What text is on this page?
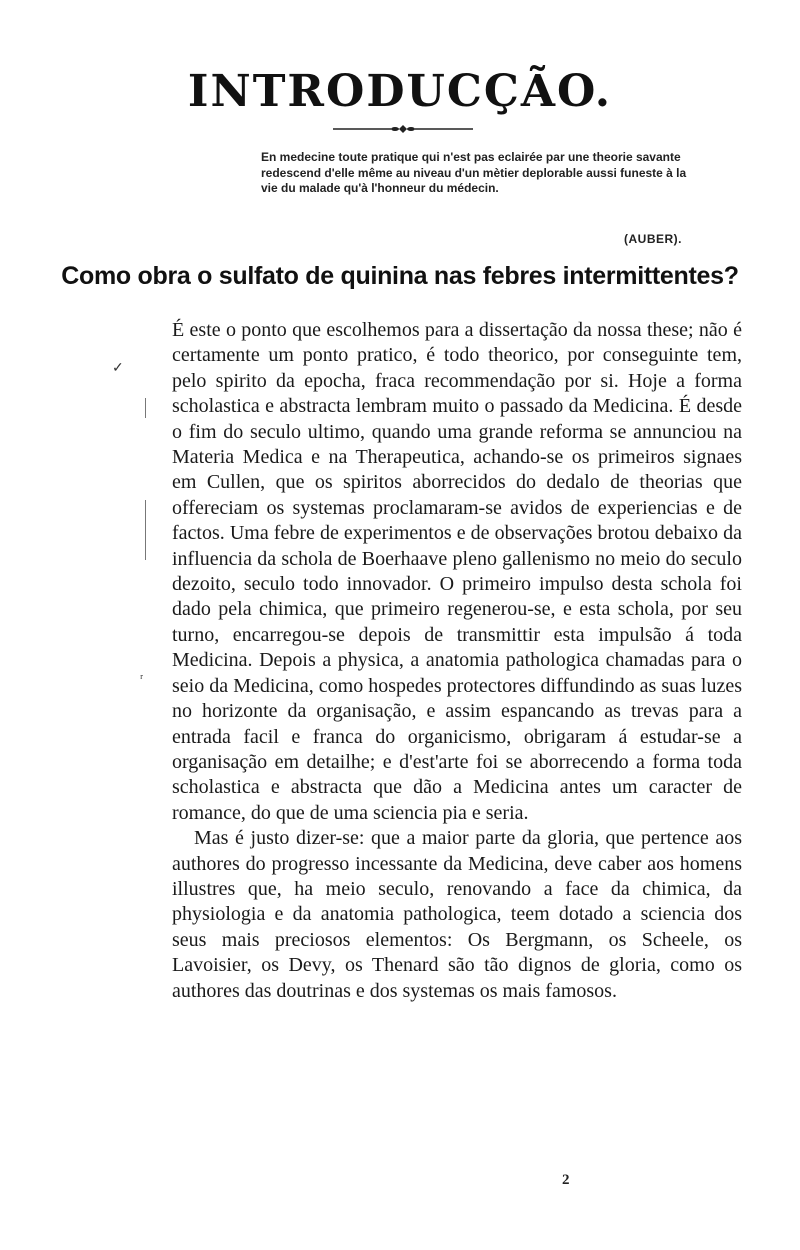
INTRODUCÇÃO.
En medecine toute pratique qui n'est pas eclairée par une theorie savante redescend d'elle même au niveau d'un mètier deplorable aussi funeste à la vie du malade qu'à l'honneur du médecin.
(AUBER).
Como obra o sulfato de quinina nas febres intermittentes?

É este o ponto que escolhemos para a dissertação da nossa these; não é certamente um ponto pratico, é todo theorico, por conseguinte tem, pelo spirito da epocha, fraca recommendação por si. Hoje a forma scholastica e abstracta lembram muito o passado da Medicina. É desde o fim do seculo ultimo, quando uma grande reforma se annunciou na Materia Medica e na Therapeutica, achando-se os primeiros signaes em Cullen, que os spiritos aborrecidos do dedalo de theorias que offereciam os systemas proclamaram-se avidos de experiencias e de factos. Uma febre de experimentos e de observações brotou debaixo da influencia da schola de Boerhaave pleno gallenismo no meio do seculo dezoito, seculo todo innovador. O primeiro impulso desta schola foi dado pela chimica, que primeiro regenerou-se, e esta schola, por seu turno, encarregou-se depois de transmittir esta impulsão á toda Medicina. Depois a physica, a anatomia pathologica chamadas para o seio da Medicina, como hospedes protectores diffundindo as suas luzes no horizonte da organisação, e assim espancando as trevas para a entrada facil e franca do organicismo, obrigaram á estudar-se a organisação em detailhe; e d'est'arte foi se aborrecendo a forma toda scholastica e abstracta que dão a Medicina antes um caracter de romance, do que de uma sciencia pia e seria.

Mas é justo dizer-se: que a maior parte da gloria, que pertence aos authores do progresso incessante da Medicina, deve caber aos homens illustres que, ha meio seculo, renovando a face da chimica, da physiologia e da anatomia pathologica, teem dotado a sciencia dos seus mais preciosos elementos: Os Bergmann, os Scheele, os Lavoisier, os Devy, os Thenard são tão dignos de gloria, como os authores das doutrinas e dos systemas os mais famosos.

2
✓
ʳ
